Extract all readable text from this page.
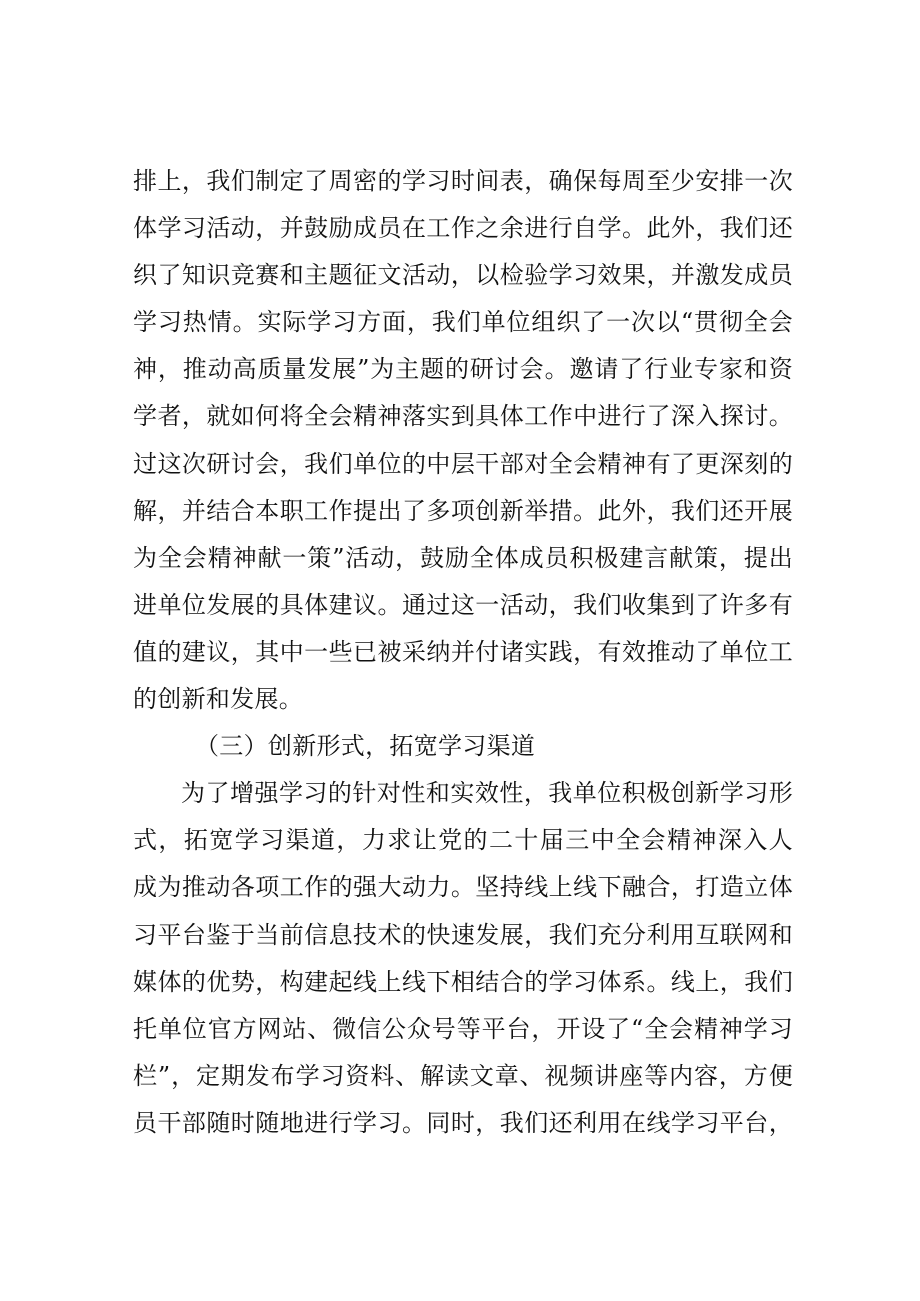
排上，我们制定了周密的学习时间表，确保每周至少安排一次
体学习活动，并鼓励成员在工作之余进行自学。此外，我们还
织了知识竞赛和主题征文活动，以检验学习效果，并激发成员
学习热情。实际学习方面，我们单位组织了一次以“贯彻全会
神，推动高质量发展”为主题的研讨会。邀请了行业专家和资
学者，就如何将全会精神落实到具体工作中进行了深入探讨。
过这次研讨会，我们单位的中层干部对全会精神有了更深刻的
解，并结合本职工作提出了多项创新举措。此外，我们还开展
为全会精神献一策”活动，鼓励全体成员积极建言献策，提出
进单位发展的具体建议。通过这一活动，我们收集到了许多有
值的建议，其中一些已被采纳并付诸实践，有效推动了单位工
的创新和发展。
（三）创新形式，拓宽学习渠道
为了增强学习的针对性和实效性，我单位积极创新学习形
式，拓宽学习渠道，力求让党的二十届三中全会精神深入人
成为推动各项工作的强大动力。坚持线上线下融合，打造立体
习平台鉴于当前信息技术的快速发展，我们充分利用互联网和
媒体的优势，构建起线上线下相结合的学习体系。线上，我们
托单位官方网站、微信公众号等平台，开设了“全会精神学习
栏”，定期发布学习资料、解读文章、视频讲座等内容，方便
员干部随时随地进行学习。同时，我们还利用在线学习平台，
